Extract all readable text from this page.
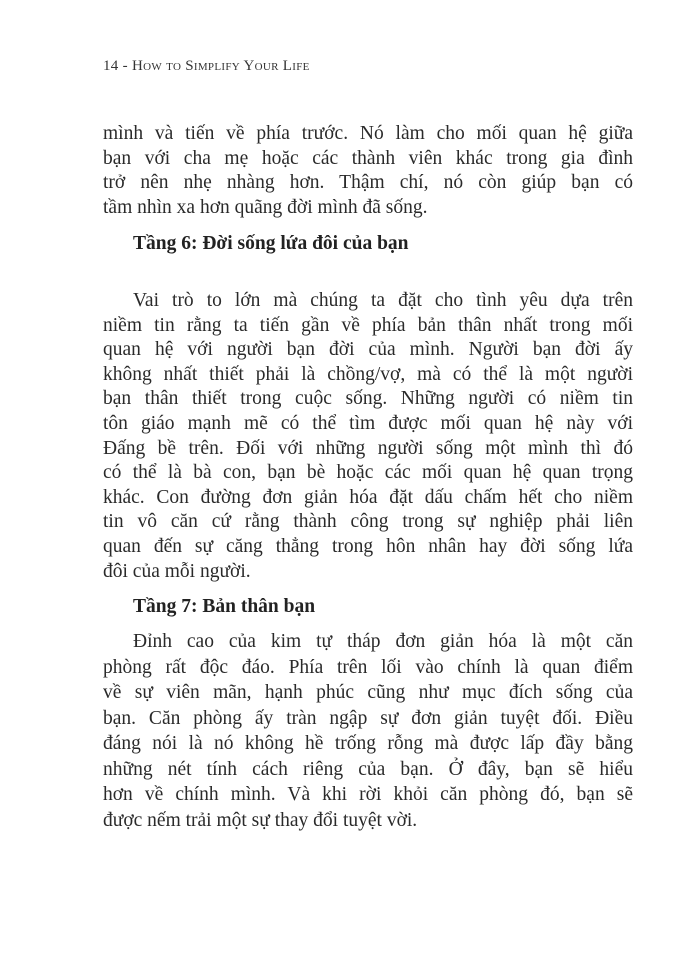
14 - How to Simplify Your Life
mình và tiến về phía trước. Nó làm cho mối quan hệ giữa
bạn với cha mẹ hoặc các thành viên khác trong gia đình
trở nên nhẹ nhàng hơn. Thậm chí, nó còn giúp bạn có
tầm nhìn xa hơn quãng đời mình đã sống.
Tầng 6: Đời sống lứa đôi của bạn
Vai trò to lớn mà chúng ta đặt cho tình yêu dựa trên
niềm tin rằng ta tiến gần về phía bản thân nhất trong mối
quan hệ với người bạn đời của mình. Người bạn đời ấy
không nhất thiết phải là chồng/vợ, mà có thể là một người
bạn thân thiết trong cuộc sống. Những người có niềm tin
tôn giáo mạnh mẽ có thể tìm được mối quan hệ này với
Đấng bề trên. Đối với những người sống một mình thì đó
có thể là bà con, bạn bè hoặc các mối quan hệ quan trọng
khác. Con đường đơn giản hóa đặt dấu chấm hết cho niềm
tin vô căn cứ rằng thành công trong sự nghiệp phải liên
quan đến sự căng thẳng trong hôn nhân hay đời sống lứa
đôi của mỗi người.
Tầng 7: Bản thân bạn
Đỉnh cao của kim tự tháp đơn giản hóa là một căn
phòng rất độc đáo. Phía trên lối vào chính là quan điểm
về sự viên mãn, hạnh phúc cũng như mục đích sống của
bạn. Căn phòng ấy tràn ngập sự đơn giản tuyệt đối. Điều
đáng nói là nó không hề trống rỗng mà được lấp đầy bằng
những nét tính cách riêng của bạn. Ở đây, bạn sẽ hiểu
hơn về chính mình. Và khi rời khỏi căn phòng đó, bạn sẽ
được nếm trải một sự thay đổi tuyệt vời.
